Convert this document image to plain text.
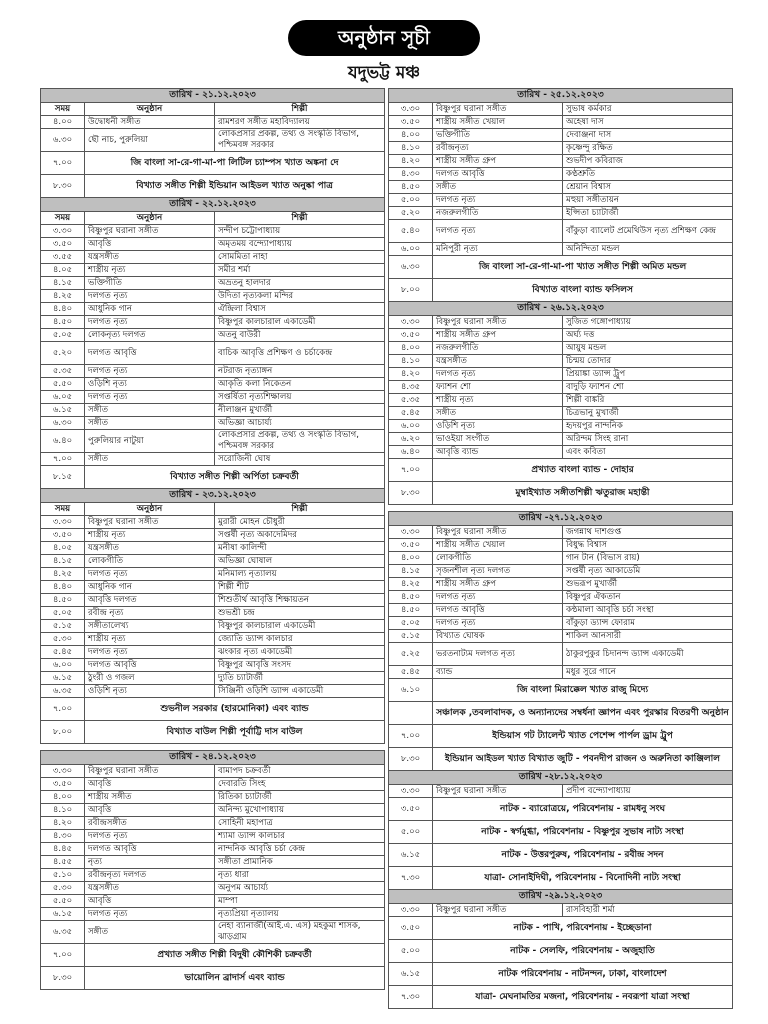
অনুষ্ঠান সূচী
যদুভট্ট মঞ্চ
তারিখ - ২১.১২.২০২৩		
সময়	অনুষ্ঠান	শিল্পী
৪.০০	উদ্বোধনী সঙ্গীত	রামশরণ সঙ্গীত মহাবিদ্যালয়
৬.৩০	ছৌ নাচ, পুরুলিয়া	লোকপ্রসার প্রকল্প, তথ্য ও সংস্কৃতি বিভাগ, পশ্চিমবঙ্গ সরকার
৭.০০	জি বাংলা সা-রে-গা-মা-পা লিটিল চ্যাম্পস খ্যাত অঙ্কনা দে	
৮.৩০	বিখ্যাত সঙ্গীত শিল্পী ইন্ডিয়ান আইডল খ্যাত অনুষ্কা পাত্র	
তারিখ - ২২.১২.২০২৩		
সময়	অনুষ্ঠান	শিল্পী
৩.৩০	বিষ্ণুপুর ঘরানা সঙ্গীত	সন্দীপ চট্টোপাধ্যায়
৩.৫০	আবৃত্তি	অমৃতময় বন্দ্যোপাধ্যায়
৩.৫৫	যন্ত্রসঙ্গীত	সোমমিতা নাহা
৪.০৫	শাস্ত্রীয় নৃত্য	সমীর শর্মা
৪.১৫	ভক্তিগীতি	অভ্রতনু হালদার
৪.২৫	দলগত নৃত্য	উদিতা নৃত্যকলা মন্দির
৪.৪০	আধুনিক গান	ঐন্দ্রিলা বিশ্বাস
৪.৫০	দলগত নৃত্য	বিষ্ণুপুর কালচারাল একাডেমী
৫.০৫	লোকনৃত্য দলগত	অতনু বাউরী
৫.২০	দলগত আবৃত্তি	বাচিক আবৃত্তি প্রশিক্ষণ ও চর্চাকেন্দ্র
৫.৩৫	দলগত নৃত্য	নটরাজ নৃত্যাঙ্গন
৫.৫০	ওড়িশি নৃত্য	আকৃতি কলা নিকেতন
৬.০৫	দলগত নৃত্য	সপ্তর্ষিতা নৃত্যশিক্ষালয়
৬.১৫	সঙ্গীত	নীলাঞ্জন মুখার্জী
৬.৩০	সঙ্গীত	অভিজ্ঞা আচার্য্য
৬.৪০	পুরুলিয়ার নাটুয়া	লোকপ্রসার প্রকল্প, তথ্য ও সংস্কৃতি বিভাগ, পশ্চিমবঙ্গ সরকার
৭.০০	সঙ্গীত	সরোজিনী ঘোষ
৮.১৫	বিখ্যাত সঙ্গীত শিল্পী অর্পিতা চক্রবর্তী	
তারিখ - ২৩.১২.২০২৩		
সময়	অনুষ্ঠান	শিল্পী
৩.৩০	বিষ্ণুপুর ঘরানা সঙ্গীত	মুরারী মোহন চৌধুরী
৩.৫০	শাস্ত্রীয় নৃত্য	সপ্তর্ষী নৃত্য অকাদেমিদর
৪.০৫	যন্ত্রসঙ্গীত	মনীষা কালিন্দী
৪.১৫	লোকগীতি	অভিজ্ঞা ঘোষাল
৪.২৫	দলগত নৃত্য	মনিমাল্য নৃত্যালয়
৪.৪০	আধুনিক গান	শিল্পী শীট
৪.৫০	আবৃত্তি দলগত	শিশুতীর্থ আবৃত্তি শিক্ষায়তন
৫.০৫	রবীন্দ্র নৃত্য	শুভশ্রী চন্দ্র
৫.১৫	সঙ্গীতালেখ্য	বিষ্ণুপুর কালচারাল একাডেমী
৫.৩০	শাস্ত্রীয় নৃত্য	জ্যোতি ড্যান্স কালচার
৫.৪৫	দলগত নৃত্য	ঝংকার নৃত্য একাডেমী
৬.০০	দলগত আবৃত্তি	বিষ্ণুপুর আবৃত্তি সংসদ
৬.১৫	ঠুংরী ও গজল	দ্যুতি চ্যাটার্জী
৬.৩৫	ওড়িশি নৃত্য	সিঞ্জিনী ওড়িশি ড্যান্স একাডেমী
৭.০০	শুভনীল সরকার (হারমোনিকা) এবং ব্যান্ড	
৮.০০	বিখ্যাত বাউল শিল্পী পূর্বাট্টি দাস বাউল	

তারিখ - ২৪.১২.২০২৩		
৩.৩০	বিষ্ণুপুর ঘরানা সঙ্গীত	বামাপদ চক্রবর্তী
৩.৫০	আবৃত্তি	দেবারতি সিংহ
৪.০০	শাস্ত্রীয় সঙ্গীত	রিতিকা চ্যাটার্জী
৪.১০	আবৃত্তি	অনিন্দ্য মুখোপাধ্যায়
৪.২০	রবীন্দ্রসঙ্গীত	সোহিনী মহাপাত্র
৪.৩০	দলগত নৃত্য	শ্যামা ড্যান্স কালচার
৪.৪৫	দলগত আবৃত্তি	নান্দনিক আবৃত্তি চর্চা কেন্দ্র
৪.৫৫	নৃত্য	সঙ্গীতা প্রামানিক
৫.১০	রবীন্দ্রনৃত্য দলগত	নৃত্য ধারা
৫.৩০	যন্ত্রসঙ্গীত	অনুপম আচার্য্য
৫.৫০	আবৃত্তি	মাম্পা
৬.১৫	দলগত নৃত্য	নৃত্যপ্রিয়া নৃত্যালয়
৬.৩৫	সঙ্গীত	নেহা ব্যানার্জী(আই.এ. এস) মহকুমা শাসক, ঝাড়গ্রাম
৭.০০	প্রখ্যাত সঙ্গীত শিল্পী বিদুষী কৌশিকী চক্রবর্তী	
৮.৩০	ভায়োলিন ব্রাদার্স এবং ব্যান্ড	
তারিখ - ২৫.১২.২০২৩		
৩.৩০	বিষ্ণুপুর ঘরানা সঙ্গীত	সুভাষ কর্মকার
৩.৫০	শাস্ত্রীয় সঙ্গীত খেয়াল	অহেষা দাস
৪.০০	ভক্তিগীতি	দেবাঞ্জনা দাস
৪.১০	রবীন্দ্রনৃত্য	কৃষ্ণেন্দু রক্ষিত
৪.২০	শাস্ত্রীয় সঙ্গীত গ্রুপ	শুভদীপ কবিরাজ
৪.৩০	দলগত আবৃত্তি	কণ্ঠশ্রুতি
৪.৫০	সঙ্গীত	শ্রেয়ান বিশ্বাস
৫.০০	দলগত নৃত্য	মহুয়া সঙ্গীতায়ন
৫.২০	নজরুলগীতি	ইপ্সিতা চ্যাটার্জী
৫.৪০	দলগত নৃত্য	বাঁকুড়া ব্যালেট প্রমেথিউস নৃত্য প্রশিক্ষণ কেন্দ্র
৬.০০	মনিপুরী নৃত্য	অনিন্দিতা মন্ডল
৬.৩০	জি বাংলা সা-রে-গা-মা-পা খ্যাত সঙ্গীত শিল্পী অমিত মন্ডল	
৮.০০	বিখ্যাত বাংলা ব্যান্ড ফসিলস	
তারিখ - ২৬.১২.২০২৩		
৩.৩০	বিষ্ণুপুর ঘরানা সঙ্গীত	সুজিত গঙ্গোপাধ্যায়
৩.৫০	শাস্ত্রীয় সঙ্গীত গ্রুপ	অর্ঘ্য দত্ত
৪.০০	নজরুলগীতি	আয়ুষ মন্ডল
৪.১০	যন্ত্রসঙ্গীত	চিন্ময় তোদার
৪.২০	দলগত নৃত্য	প্রিয়াঙ্কা ড্যান্স ট্রুপ
৪.৩৫	ফ্যাশন শো	বাদুড়ি ফ্যাশন শো
৫.৩৫	শাস্ত্রীয় নৃত্য	শিল্পী বাঙ্করি
৫.৪৫	সঙ্গীত	চিত্রভানু মুখার্জী
৬.০০	ওড়িশি নৃত্য	হৃদয়পুর নান্দনিক
৬.২০	ভাওইয়া সংগীত	অরিন্দম সিংহ রানা
৬.৪০	আবৃত্তি ব্যান্ড	এবং কবিতা
৭.০০	প্রখ্যাত বাংলা ব্যান্ড - দোহার	
৮.৩০	মুম্বাইখ্যাত সঙ্গীতশিল্পী ঋতুরাজ মহান্তী	

তারিখ -২৭.১২.২০২৩		
৩.৩০	বিষ্ণুপুর ঘরানা সঙ্গীত	জগন্নাথ দাশগুপ্ত
৩.৫০	শাস্ত্রীয় সঙ্গীত খেয়াল	বিধুদ্ধ বিশ্বাস
৪.০০	লোকগীতি	গান টান (বিভাস রায়)
৪.১৫	সৃজনশীল নৃত্য দলগত	সপ্তর্ষী নৃত্য আকাডেমি
৪.২৫	শাস্ত্রীয় সঙ্গীত গ্রুপ	শুভরূপ মুখার্জী
৪.৫০	দলগত নৃত্য	বিষ্ণুপুর ঐকতান
৪.৫০	দলগত আবৃত্তি	কন্ঠমালা আবৃত্তি চর্চা সংস্থা
৫.০৫	দলগত নৃত্য	বাঁকুড়া ড্যান্স ফোরাম
৫.১৫	বিখ্যাত ঘোষক	শাকিল আনসারী
৫.২৫	ভরতনাট্যম দলগত নৃত্য	ঠাকুরপুকুর চিদানন্দ ড্যান্স একাডেমী
৫.৪৫	ব্যান্ড	মধুর সুরে গানে
৬.১০	জি বাংলা মিরাক্কেল খ্যাত রাজু মিদ্যে	
	সঞ্চালক ,তবলাবাদক, ও অন্যান্যদের সম্বর্ধনা জ্ঞাপন এবং পুরস্কার বিতরণী অনুষ্ঠান	
৭.০০	ইন্ডিয়াস গট ট্যালেন্ট খ্যাত পেশেন্স পার্পল ড্রাম ট্রুপ	
৮.৩০	ইন্ডিয়ান আইডল খ্যাত বিখ্যাত জুটি - পবনদীপ রাজন ও অরুনিতা কাঞ্জিলাল	
তারিখ -২৮.১২.২০২৩		
৩.৩০	বিষ্ণুপুর ঘরানা সঙ্গীত	প্রদীপ বন্দ্যোপাধ্যায়
৩.৫০	নাটক - ব্যারোত্রয়ে, পরিবেশনায় - রামধনু সংঘ	
৫.০০	নাটক - স্বর্গমুগ্ধা, পরিবেশনায় - বিষ্ণুপুর সুভাষ নাট্য সংস্থা	
৬.১৫	নাটক - উত্তরপুরুষ, পরিবেশনায় - রবীন্দ্র সদন	
৭.৩০	যাত্রা- সোনাইদিঘী, পরিবেশনায় - বিনোদিনী নাট্য সংস্থা	
তারিখ -২৯.১২.২০২৩		
৩.৩০	বিষ্ণুপুর ঘরানা সঙ্গীত	রাসবিহারী শর্মা
৩.৫০	নাটক - পাখি, পরিবেশনায় - ইচ্ছেডানা	
৫.০০	নাটক - সেলফি, পরিবেশনায় - অজুহাতি	
৬.১৫	নাটক পরিবেশনায় - নাটনন্দন, ঢাকা, বাংলাদেশ	
৭.৩০	যাত্রা- মেঘনামতির মজনা, পরিবেশনায় - নবরূপা যাত্রা সংস্থা	
